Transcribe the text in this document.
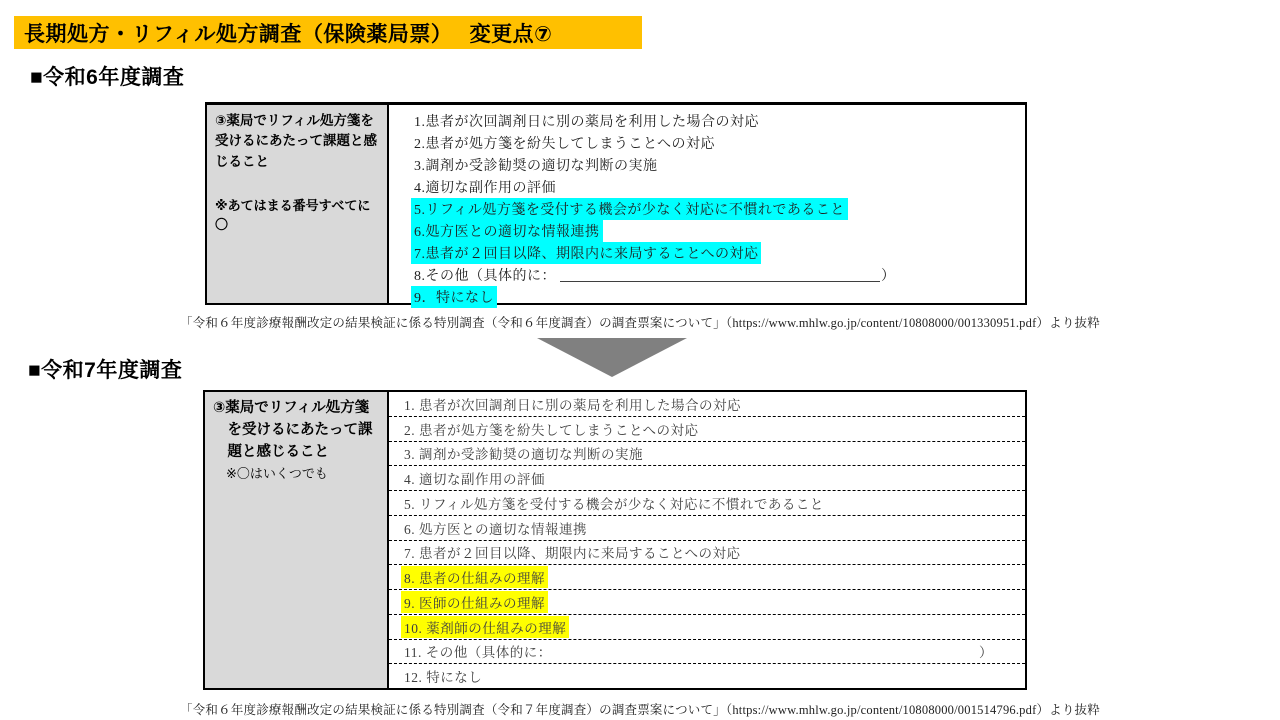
長期処方・リフィル処方調査（保険薬局票）　 変更点⑦
■令和6年度調査
③薬局でリフィル処方箋を受けるにあたって課題と感じること
※あてはまる番号すべてに〇
1.患者が次回調剤日に別の薬局を利用した場合の対応
2.患者が処方箋を紛失してしまうことへの対応
3.調剤か受診勧奨の適切な判断の実施
4.適切な副作用の評価
5.リフィル処方箋を受付する機会が少なく対応に不慣れであること
6.処方医との適切な情報連携
7.患者が２回目以降、期限内に来局することへの対応
8.その他（具体的に：	）
9．特になし
「令和６年度診療報酬改定の結果検証に係る特別調査（令和６年度調査）の調査票案について」（https://www.mhlw.go.jp/content/10808000/001330951.pdf）より抜粋
■令和7年度調査
③薬局でリフィル処方箋を受けるにあたって課題と感じること
※〇はいくつでも
1. 患者が次回調剤日に別の薬局を利用した場合の対応
2. 患者が処方箋を紛失してしまうことへの対応
3. 調剤か受診勧奨の適切な判断の実施
4. 適切な副作用の評価
5. リフィル処方箋を受付する機会が少なく対応に不慣れであること
6. 処方医との適切な情報連携
7. 患者が２回目以降、期限内に来局することへの対応
8. 患者の仕組みの理解
9. 医師の仕組みの理解
10. 薬剤師の仕組みの理解
11. その他（具体的に：	）
12. 特になし
「令和６年度診療報酬改定の結果検証に係る特別調査（令和７年度調査）の調査票案について」（https://www.mhlw.go.jp/content/10808000/001514796.pdf）より抜粋
